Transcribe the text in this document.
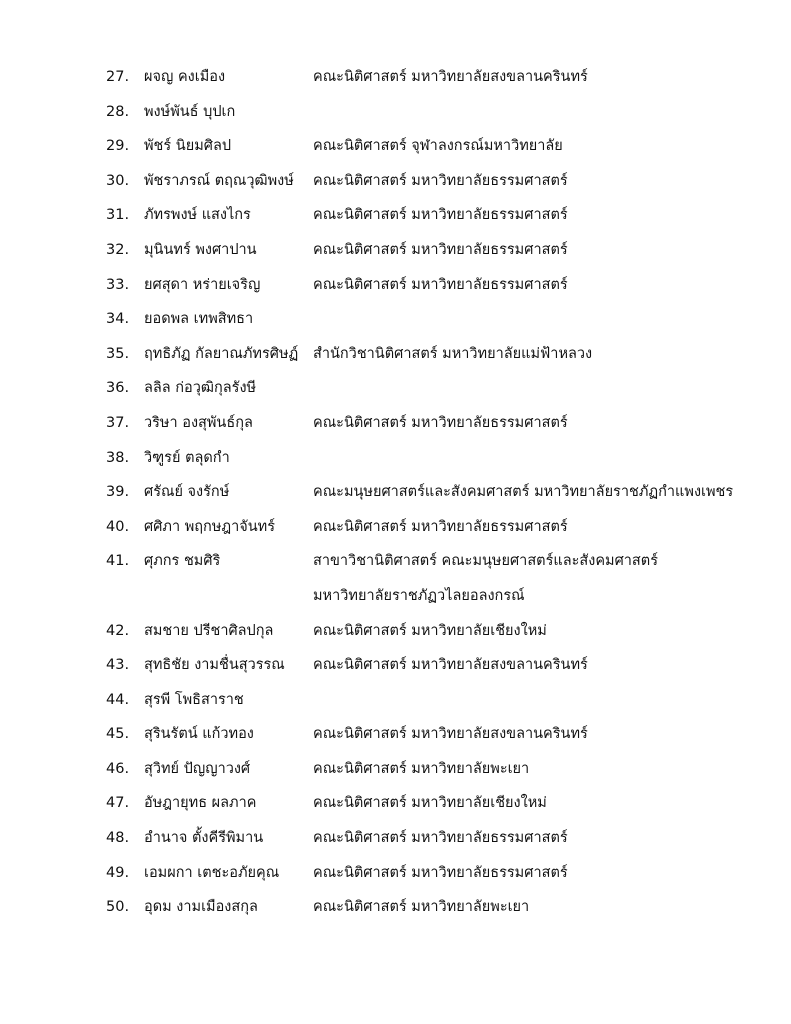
27. ผจญ คงเมือง	คณะนิติศาสตร์ มหาวิทยาลัยสงขลานครินทร์
28. พงษ์พันธ์ บุปเก
29. พัชร์ นิยมศิลป	คณะนิติศาสตร์ จุฬาลงกรณ์มหาวิทยาลัย
30. พัชราภรณ์ ตฤณวุฒิพงษ์ คณะนิติศาสตร์ มหาวิทยาลัยธรรมศาสตร์
31. ภัทรพงษ์ แสงไกร	คณะนิติศาสตร์ มหาวิทยาลัยธรรมศาสตร์
32. มุนินทร์ พงศาปาน	คณะนิติศาสตร์ มหาวิทยาลัยธรรมศาสตร์
33. ยศสุดา หร่ายเจริญ	คณะนิติศาสตร์ มหาวิทยาลัยธรรมศาสตร์
34. ยอดพล เทพสิทธา
35. ฤทธิภัฏ กัลยาณภัทรศิษฏ์ สำนักวิชานิติศาสตร์ มหาวิทยาลัยแม่ฟ้าหลวง
36. ลลิล ก่อวุฒิกุลรังษี
37. วริษา องสุพันธ์กุล	คณะนิติศาสตร์ มหาวิทยาลัยธรรมศาสตร์
38. วิฑูรย์ ตลุดกำ
39. ศรัณย์ จงรักษ์	คณะมนุษยศาสตร์และสังคมศาสตร์ มหาวิทยาลัยราชภัฏกำแพงเพชร
40. ศศิภา พฤกษฎาจันทร์	คณะนิติศาสตร์ มหาวิทยาลัยธรรมศาสตร์
41. ศุภกร ชมศิริ	สาขาวิชานิติศาสตร์ คณะมนุษยศาสตร์และสังคมศาสตร์
มหาวิทยาลัยราชภัฏวไลยอลงกรณ์
42. สมชาย ปรีชาศิลปกุล	คณะนิติศาสตร์ มหาวิทยาลัยเชียงใหม่
43. สุทธิชัย งามชื่นสุวรรณ คณะนิติศาสตร์ มหาวิทยาลัยสงขลานครินทร์
44. สุรพี โพธิสาราช
45. สุรินรัตน์ แก้วทอง	คณะนิติศาสตร์ มหาวิทยาลัยสงขลานครินทร์
46. สุวิทย์ ปัญญาวงศ์	คณะนิติศาสตร์ มหาวิทยาลัยพะเยา
47. อัษฎายุทธ ผลภาค	คณะนิติศาสตร์ มหาวิทยาลัยเชียงใหม่
48. อำนาจ ตั้งคีรีพิมาน	คณะนิติศาสตร์ มหาวิทยาลัยธรรมศาสตร์
49. เอมผกา เตชะอภัยคุณ คณะนิติศาสตร์ มหาวิทยาลัยธรรมศาสตร์
50. อุดม งามเมืองสกุล	คณะนิติศาสตร์ มหาวิทยาลัยพะเยา
